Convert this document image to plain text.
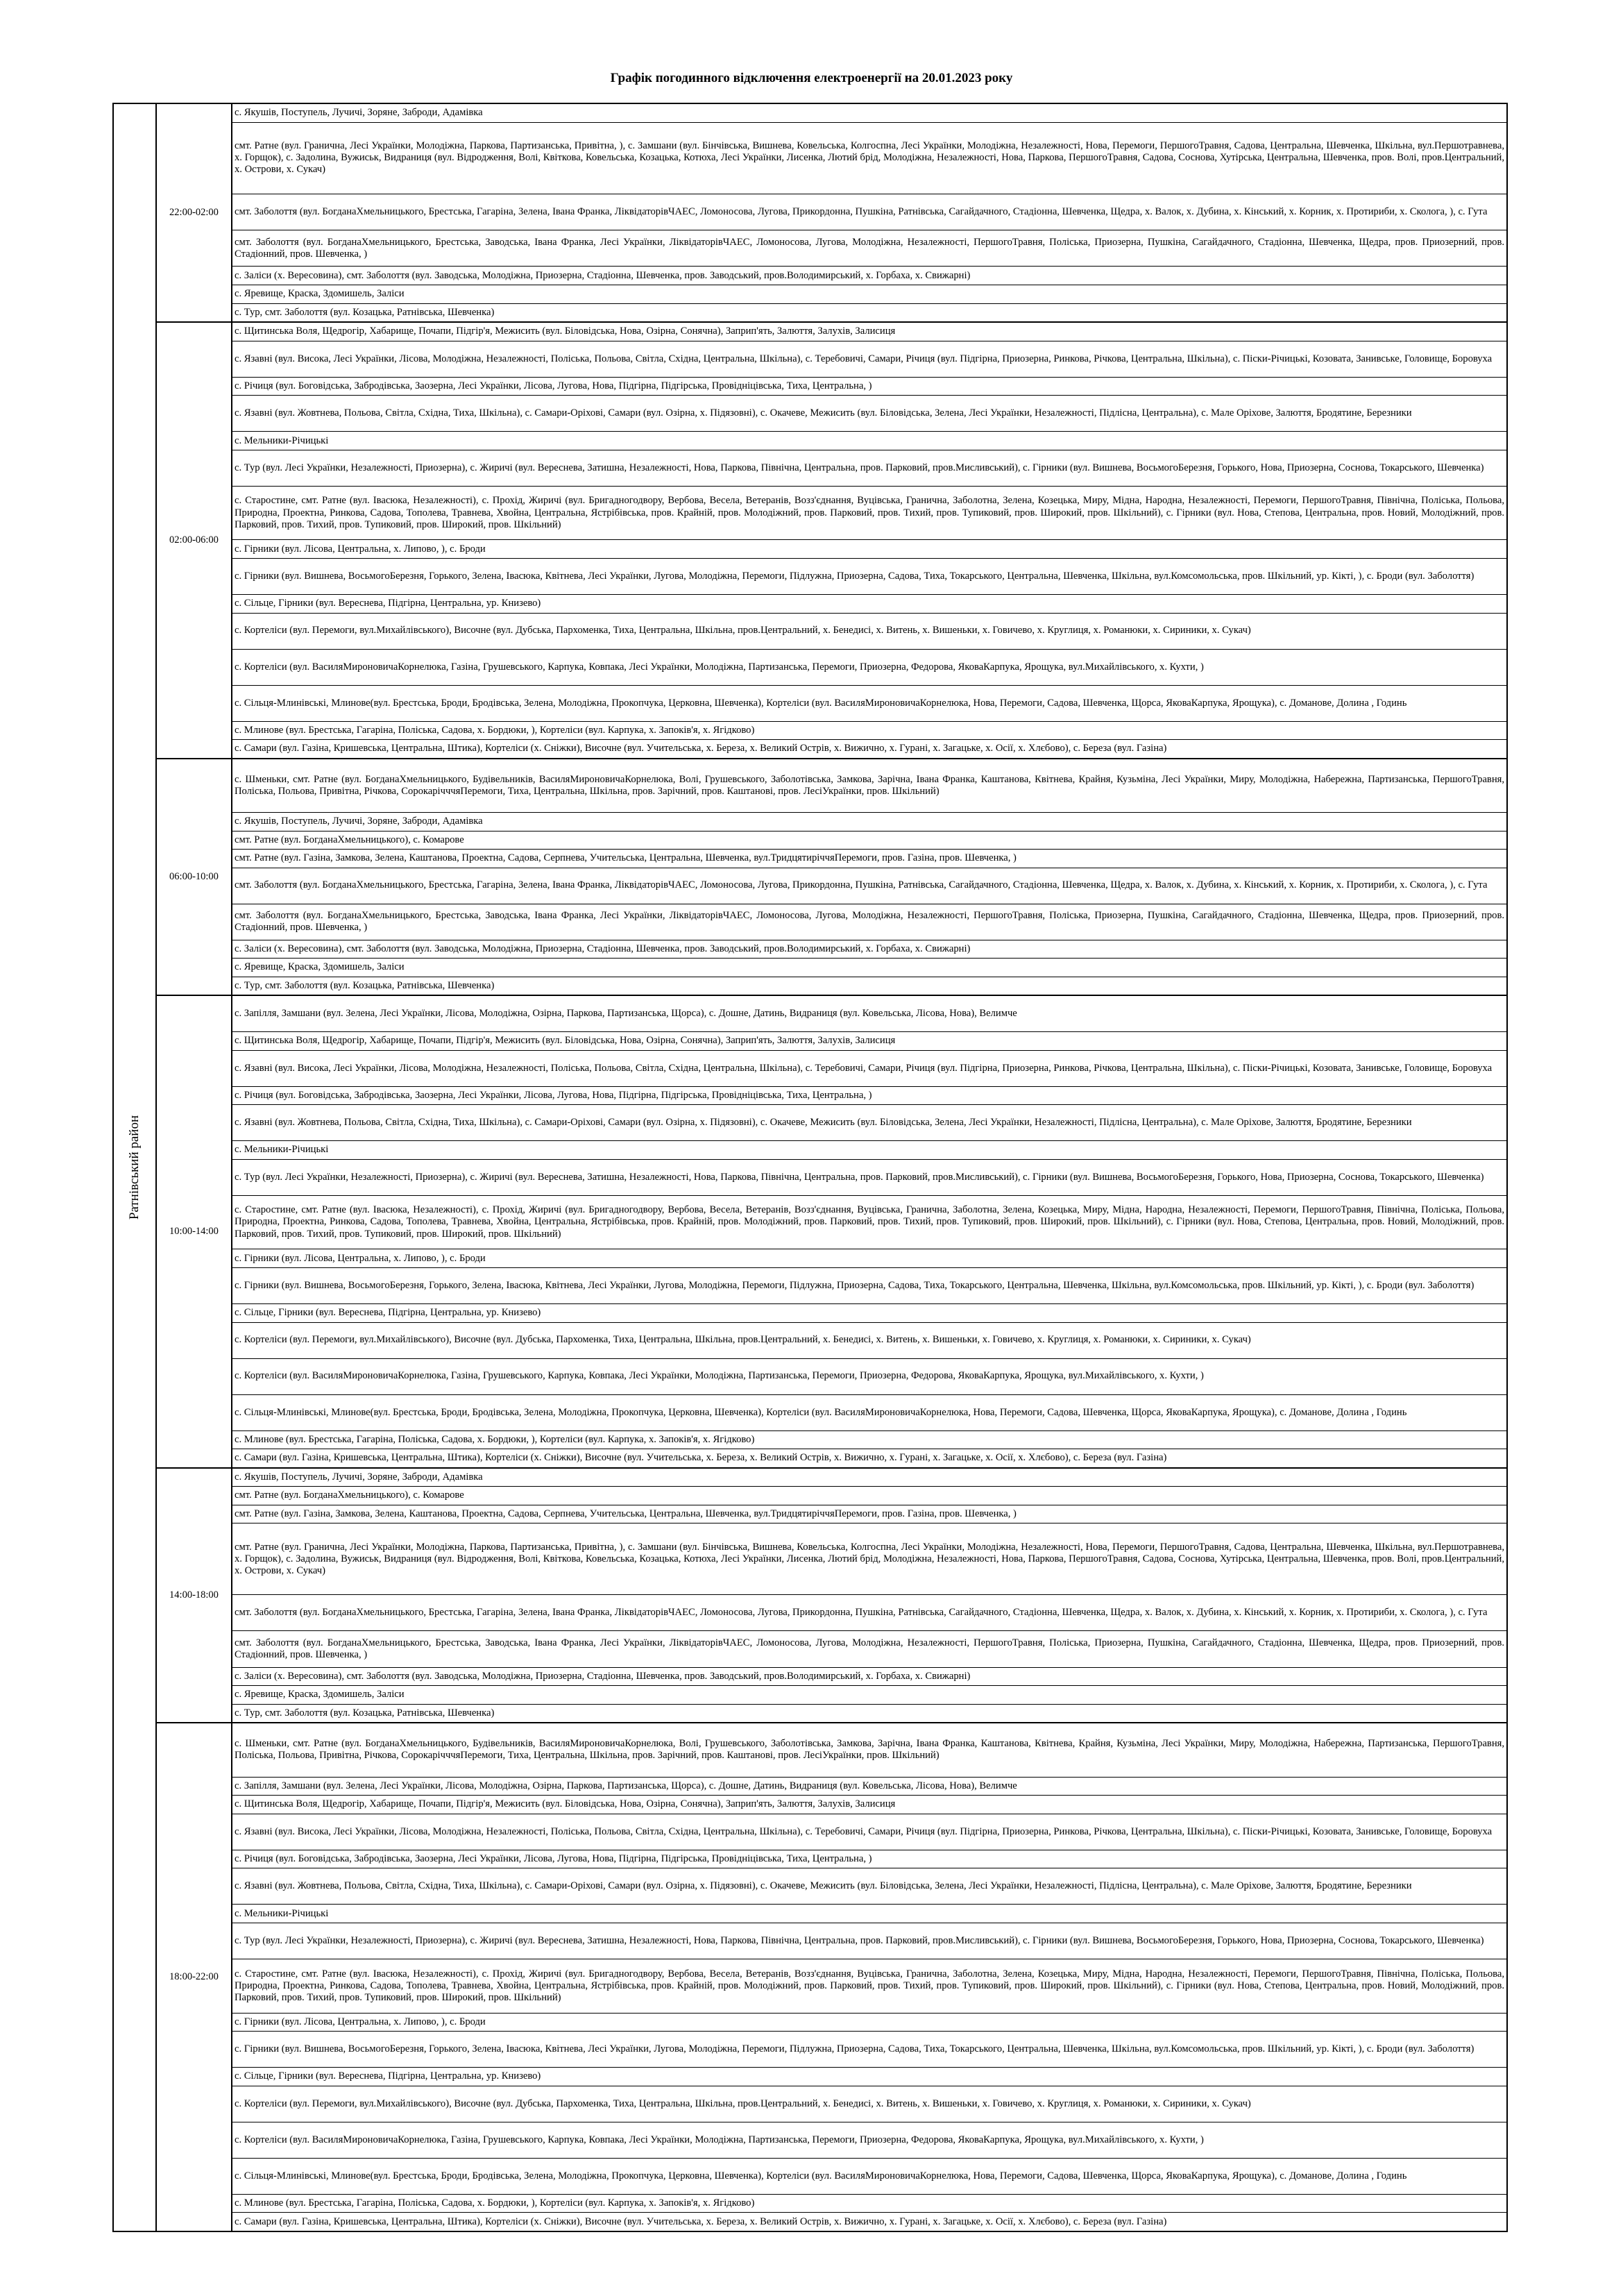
Графік погодинного відключення електроенергії на 20.01.2023 року
Ратнівський район
22:00-02:00
с. Якушів, Поступель, Лучичі, Зоряне, Заброди, Адамівка
смт. Ратне (вул. Гранична, Лесі Українки, Молодіжна, Паркова, Партизанська, Привітна, ), с. Замшани (вул. Бінчівська, Вишнева, Ковельська, Колгоспна, Лесі Українки, Молодіжна, Незалежності, Нова, Перемоги, ПершогоТравня, Садова, Центральна, Шевченка, Шкільна, вул.Першотравнева, х. Горщок), с. Задолина, Вужиськ, Видраниця (вул. Відродження, Волі, Квіткова, Ковельська, Козацька, Котюха, Лесі Українки, Лисенка, Лютий брід, Молодіжна, Незалежності, Нова, Паркова, ПершогоТравня, Садова, Соснова, Хутірська, Центральна, Шевченка, пров. Волі, пров.Центральний, х. Острови, х. Сукач)
смт. Заболоття (вул. БогданаХмельницького, Брестська, Гагаріна, Зелена, Івана Франка, ЛіквідаторівЧАЕС, Ломоносова, Лугова, Прикордонна, Пушкіна, Ратнівська, Сагайдачного, Стадіонна, Шевченка, Щедра, х. Валок, х. Дубина, х. Кінський, х. Корник, х. Протириби, х. Сколога, ), с. Гута
смт. Заболоття (вул. БогданаХмельницького, Брестська, Заводська, Івана Франка, Лесі Українки, ЛіквідаторівЧАЕС, Ломоносова, Лугова, Молодіжна, Незалежності, ПершогоТравня, Поліська, Приозерна, Пушкіна, Сагайдачного, Стадіонна, Шевченка, Щедра, пров. Приозерний, пров. Стадіонний, пров. Шевченка, )
с. Заліси (х. Вересовина), смт. Заболоття (вул. Заводська, Молодіжна, Приозерна, Стадіонна, Шевченка, пров. Заводський, пров.Володимирський, х. Горбаха, х. Свижарні)
с. Яревище, Краска, Здомишель, Заліси
с. Тур, смт. Заболоття (вул. Козацька, Ратнівська, Шевченка)
02:00-06:00
с. Щитинська Воля, Щедрогір, Хабарище, Почапи, Підгір'я, Межисить (вул. Біловідська, Нова, Озірна, Сонячна), Заприп'ять, Залюття, Залухів, Залисиця
с. Язавні (вул. Висока, Лесі Українки, Лісова, Молодіжна, Незалежності, Поліська, Польова, Світла, Східна, Центральна, Шкільна), с. Теребовичі, Самари, Річиця (вул. Підгірна, Приозерна, Ринкова, Річкова, Центральна, Шкільна), с. Піски-Річицькі, Козовата, Занивське, Головище, Боровуха
с. Річиця (вул. Боговідська, Забродівська, Заозерна, Лесі Українки, Лісова, Лугова, Нова, Підгірна, Підгірська, Провідніцівська, Тиха, Центральна, )
с. Язавні (вул. Жовтнева, Польова, Світла, Східна, Тиха, Шкільна), с. Самари-Оріхові, Самари (вул. Озірна, х. Підязовні), с. Окачеве, Межисить (вул. Біловідська, Зелена, Лесі Українки, Незалежності, Підлісна, Центральна), с. Мале Оріхове, Залюття, Бродятине, Березники
с. Мельники-Річицькі
с. Тур (вул. Лесі Українки, Незалежності, Приозерна), с. Жиричі (вул. Вереснева, Затишна, Незалежності, Нова, Паркова, Північна, Центральна, пров. Парковий, пров.Мисливський), с. Гірники (вул. Вишнева, ВосьмогоБерезня, Горького, Нова, Приозерна, Соснова, Токарського, Шевченка)
с. Старостине, смт. Ратне (вул. Івасюка, Незалежності), с. Прохід, Жиричі (вул. Бригадногодвору, Вербова, Весела, Ветеранів, Возз'єднання, Вуцівська, Гранична, Заболотна, Зелена, Козецька, Миру, Мідна, Народна, Незалежності, Перемоги, ПершогоТравня, Північна, Поліська, Польова, Природна, Проектна, Ринкова, Садова, Тополева, Травнева, Хвойна, Центральна, Ястрібівська, пров. Крайній, пров. Молодіжний, пров. Парковий, пров. Тихий, пров. Тупиковий, пров. Широкий, пров. Шкільний), с. Гірники (вул. Нова, Степова, Центральна, пров. Новий, Молодіжний, пров. Парковий, пров. Тихий, пров. Тупиковий, пров. Широкий, пров. Шкільний)
с. Гірники (вул. Лісова, Центральна, х. Липово, ), с. Броди
с. Гірники (вул. Вишнева, ВосьмогоБерезня, Горького, Зелена, Івасюка, Квітнева, Лесі Українки, Лугова, Молодіжна, Перемоги, Підлужна, Приозерна, Садова, Тиха, Токарського, Центральна, Шевченка, Шкільна, вул.Комсомольська, пров. Шкільний, ур. Кікті, ), с. Броди (вул. Заболоття)
с. Сільце, Гірники (вул. Вереснева, Підгірна, Центральна, ур. Книзево)
с. Кортеліси (вул. Перемоги, вул.Михайлівського), Височне (вул. Дубська, Пархоменка, Тиха, Центральна, Шкільна, пров.Центральний, х. Бенедисі, х. Витень, х. Вишеньки, х. Говичево, х. Круглиця, х. Романюки, х. Сириники, х. Сукач)
с. Кортеліси (вул. ВасиляМироновичаКорнелюка, Газіна, Грушевського, Карпука, Ковпака, Лесі Українки, Молодіжна, Партизанська, Перемоги, Приозерна, Федорова, ЯковаКарпука, Ярощука, вул.Михайлівського, х. Кухти, )
с. Сільця-Млинівські, Млинове(вул. Брестська, Броди, Бродівська, Зелена, Молодіжна, Прокопчука, Церковна, Шевченка), Кортеліси (вул. ВасиляМироновичаКорнелюка, Нова, Перемоги, Садова, Шевченка, Щорса, ЯковаКарпука, Ярощука), с. Доманове, Долина , Годинь
с. Млинове (вул. Брестська, Гагаріна, Поліська, Садова, х. Бордюки, ), Кортеліси (вул. Карпука, х. Запоків'я, х. Ягідково)
с. Самари (вул. Газіна, Кришевська, Центральна, Штика), Кортеліси (х. Сніжки), Височне (вул. Учительська, х. Береза, х. Великий Острів, х. Вижично, х. Гурані, х. Загацьке, х. Осії, х. Хлєбово), с. Береза (вул. Газіна)
06:00-10:00
с. Шменьки, смт. Ратне (вул. БогданаХмельницького, Будівельників, ВасиляМироновичаКорнелюка, Волі, Грушевського, Заболотівська, Замкова, Зарічна, Івана Франка, Каштанова, Квітнева, Крайня, Кузьміна, Лесі Українки, Миру, Молодіжна, Набережна, Партизанська, ПершогоТравня, Поліська, Польова, Привітна, Річкова, СорокарічччяПеремоги, Тиха, Центральна, Шкільна, пров. Зарічний, пров. Каштанові, пров. ЛесіУкраїнки, пров. Шкільний)
с. Якушів, Поступель, Лучичі, Зоряне, Заброди, Адамівка
смт. Ратне (вул. БогданаХмельницького), с. Комарове
смт. Ратне (вул. Газіна, Замкова, Зелена, Каштанова, Проектна, Садова, Серпнева, Учительська, Центральна, Шевченка, вул.ТридцятиріччяПеремоги, пров. Газіна, пров. Шевченка, )
смт. Заболоття (вул. БогданаХмельницького, Брестська, Гагаріна, Зелена, Івана Франка, ЛіквідаторівЧАЕС, Ломоносова, Лугова, Прикордонна, Пушкіна, Ратнівська, Сагайдачного, Стадіонна, Шевченка, Щедра, х. Валок, х. Дубина, х. Кінський, х. Корник, х. Протириби, х. Скологa, ), с. Гута
смт. Заболоття (вул. БогданаХмельницького, Брестська, Заводська, Івана Франка, Лесі Українки, ЛіквідаторівЧАЕС, Ломоносова, Лугова, Молодіжна, Незалежності, ПершогоТравня, Поліська, Приозерна, Пушкіна, Сагайдачного, Стадіонна, Шевченка, Щедра, пров. Приозерний, пров. Стадіонний, пров. Шевченка, )
с. Заліси (х. Вересовина), смт. Заболоття (вул. Заводська, Молодіжна, Приозерна, Стадіонна, Шевченка, пров. Заводський, пров.Володимирський, х. Горбаха, х. Свижарні)
с. Яревище, Краска, Здомишель, Заліси
с. Тур, смт. Заболоття (вул. Козацька, Ратнівська, Шевченка)
10:00-14:00
с. Запілля, Замшани (вул. Зелена, Лесі Українки, Лісова, Молодіжна, Озірна, Паркова, Партизанська, Щорса), с. Дошне, Датинь, Видраниця (вул. Ковельська, Лісова, Нова), Велимче
с. Щитинська Воля, Щедрогір, Хабарище, Почапи, Підгір'я, Межисить (вул. Біловідська, Нова, Озірна, Сонячна), Заприп'ять, Залюття, Залухів, Залисиця
с. Язавні (вул. Висока, Лесі Українки, Лісова, Молодіжна, Незалежності, Поліська, Польова, Світла, Східна, Центральна, Шкільна), с. Теребовичі, Самари, Річиця (вул. Підгірна, Приозерна, Ринкова, Річкова, Центральна, Шкільна), с. Піски-Річицькі, Козовата, Занивське, Головище, Боровуха
с. Річиця (вул. Боговідська, Забродівська, Заозерна, Лесі Українки, Лісова, Лугова, Нова, Підгірна, Підгірська, Провідніцівська, Тиха, Центральна, )
с. Язавні (вул. Жовтнева, Польова, Світла, Східна, Тиха, Шкільна), с. Самари-Оріхові, Самари (вул. Озірна, х. Підязовні), с. Окачеве, Межисить (вул. Біловідська, Зелена, Лесі Українки, Незалежності, Підлісна, Центральна), с. Мале Оріхове, Залюття, Бродятине, Березники
с. Мельники-Річицькі
с. Тур (вул. Лесі Українки, Незалежності, Приозерна), с. Жиричі (вул. Вереснева, Затишна, Незалежності, Нова, Паркова, Північна, Центральна, пров. Парковий, пров.Мисливський), с. Гірники (вул. Вишнева, ВосьмогоБерезня, Горького, Нова, Приозерна, Соснова, Токарського, Шевченка)
с. Старостине, смт. Ратне (вул. Івасюка, Незалежності), с. Прохід, Жиричі (вул. Бригадногодвору, Вербова, Весела, Ветеранів, Возз'єднання, Вуцівська, Гранична, Заболотна, Зелена, Козецька, Миру, Мідна, Народна, Незалежності, Перемоги, ПершогоТравня, Північна, Поліська, Польова, Природна, Проектна, Ринкова, Садова, Тополева, Травнева, Хвойна, Центральна, Ястрібівська, пров. Крайній, пров. Молодіжний, пров. Парковий, пров. Тихий, пров. Тупиковий, пров. Широкий, пров. Шкільний), с. Гірники (вул. Нова, Степова, Центральна, пров. Новий, Молодіжний, пров. Парковий, пров. Тихий, пров. Тупиковий, пров. Широкий, пров. Шкільний)
с. Гірники (вул. Лісова, Центральна, х. Липово, ), с. Броди
с. Гірники (вул. Вишнева, ВосьмогоБерезня, Горького, Зелена, Івасюка, Квітнева, Лесі Українки, Лугова, Молодіжна, Перемоги, Підлужна, Приозерна, Садова, Тиха, Токарського, Центральна, Шевченка, Шкільна, вул.Комсомольська, пров. Шкільний, ур. Кікті, ), с. Броди (вул. Заболоття)
с. Сільце, Гірники (вул. Вереснева, Підгірна, Центральна, ур. Книзево)
с. Кортеліси (вул. Перемоги, вул.Михайлівського), Височне (вул. Дубська, Пархоменка, Тиха, Центральна, Шкільна, пров.Центральний, х. Бенедисі, х. Витень, х. Вишеньки, х. Говичево, х. Круглиця, х. Романюки, х. Сириники, х. Сукач)
с. Кортеліси (вул. ВасиляМироновичаКорнелюка, Газіна, Грушевського, Карпука, Ковпака, Лесі Українки, Молодіжна, Партизанська, Перемоги, Приозерна, Федорова, ЯковаКарпука, Ярощука, вул.Михайлівського, х. Кухти, )
с. Сільця-Млинівські, Млинове(вул. Брестська, Броди, Бродівська, Зелена, Молодіжна, Прокопчука, Церковна, Шевченка), Кортеліси (вул. ВасиляМироновичаКорнелюка, Нова, Перемоги, Садова, Шевченка, Щорса, ЯковаКарпука, Ярощука), с. Доманове, Долина , Годинь
с. Млинове (вул. Брестська, Гагаріна, Поліська, Садова, х. Бордюки, ), Кортеліси (вул. Карпука, х. Запоків'я, х. Ягідково)
с. Самари (вул. Газіна, Кришевська, Центральна, Штика), Кортеліси (х. Сніжки), Височне (вул. Учительська, х. Береза, х. Великий Острів, х. Вижично, х. Гурані, х. Загацьке, х. Осії, х. Хлєбово), с. Береза (вул. Газіна)
14:00-18:00
с. Якушів, Поступель, Лучичі, Зоряне, Заброди, Адамівка
смт. Ратне (вул. БогданаХмельницького), с. Комарове
смт. Ратне (вул. Газіна, Замкова, Зелена, Каштанова, Проектна, Садова, Серпнева, Учительська, Центральна, Шевченка, вул.ТридцятиріччяПеремоги, пров. Газіна, пров. Шевченка, )
смт. Ратне (вул. Гранична, Лесі Українки, Молодіжна, Паркова, Партизанська, Привітна, ), с. Замшани (вул. Бінчівська, Вишнева, Ковельська, Колгоспна, Лесі Українки, Молодіжна, Незалежності, Нова, Перемоги, ПершогоТравня, Садова, Центральна, Шевченка, Шкільна, вул.Першотравнева, х. Горщок), с. Задолина, Вужиськ, Видраниця (вул. Відродження, Волі, Квіткова, Ковельська, Козацька, Котюха, Лесі Українки, Лисенка, Лютий брід, Молодіжна, Незалежності, Нова, Паркова, ПершогоТравня, Садова, Соснова, Хутірська, Центральна, Шевченка, пров. Волі, пров.Центральний, х. Острови, х. Сукач)
смт. Заболоття (вул. БогданаХмельницького, Брестська, Гагаріна, Зелена, Івана Франка, ЛіквідаторівЧАЕС, Ломоносова, Лугова, Прикордонна, Пушкіна, Ратнівська, Сагайдачного, Стадіонна, Шевченка, Щедра, х. Валок, х. Дубина, х. Кінський, х. Корник, х. Протириби, х. Скологa, ), с. Гута
смт. Заболоття (вул. БогданаХмельницького, Брестська, Заводська, Івана Франка, Лесі Українки, ЛіквідаторівЧАЕС, Ломоносова, Лугова, Молодіжна, Незалежності, ПершогоТравня, Поліська, Приозерна, Пушкіна, Сагайдачного, Стадіонна, Шевченка, Щедра, пров. Приозерний, пров. Стадіонний, пров. Шевченка, )
с. Заліси (х. Вересовина), смт. Заболоття (вул. Заводська, Молодіжна, Приозерна, Стадіонна, Шевченка, пров. Заводський, пров.Володимирський, х. Горбаха, х. Свижарні)
с. Яревище, Краска, Здомишель, Заліси
с. Тур, смт. Заболоття (вул. Козацька, Ратнівська, Шевченка)
18:00-22:00
с. Шменьки, смт. Ратне (вул. БогданаХмельницького, Будівельників, ВасиляМироновичаКорнелюка, Волі, Грушевського, Заболотівська, Замкова, Зарічна, Івана Франка, Каштанова, Квітнева, Крайня, Кузьміна, Лесі Українки, Миру, Молодіжна, Набережна, Партизанська, ПершогоТравня, Поліська, Польова, Привітна, Річкова, СорокарічччяПеремоги, Тиха, Центральна, Шкільна, пров. Зарічний, пров. Каштанові, пров. ЛесіУкраїнки, пров. Шкільний)
с. Запілля, Замшани (вул. Зелена, Лесі Українки, Лісова, Молодіжна, Озірна, Паркова, Партизанська, Щорса), с. Дошне, Датинь, Видраниця (вул. Ковельська, Лісова, Нова), Велимче
с. Щитинська Воля, Щедрогір, Хабарище, Почапи, Підгір'я, Межисить (вул. Біловідська, Нова, Озірна, Сонячна), Заприп'ять, Залюття, Залухів, Залисиця
с. Язавні (вул. Висока, Лесі Українки, Лісова, Молодіжна, Незалежності, Поліська, Польова, Світла, Східна, Центральна, Шкільна), с. Теребовичі, Самари, Річиця (вул. Підгірна, Приозерна, Ринкова, Річкова, Центральна, Шкільна), с. Піски-Річицькі, Козовата, Занивське, Головище, Боровуха
с. Річиця (вул. Боговідська, Забродівська, Заозерна, Лесі Українки, Лісова, Лугова, Нова, Підгірна, Підгірська, Провідніцівська, Тиха, Центральна, )
с. Язавні (вул. Жовтнева, Польова, Світла, Східна, Тиха, Шкільна), с. Самари-Оріхові, Самари (вул. Озірна, х. Підязовні), с. Окачеве, Межисить (вул. Біловідська, Зелена, Лесі Українки, Незалежності, Підлісна, Центральна), с. Мале Оріхове, Залюття, Бродятине, Березники
с. Мельники-Річицькі
с. Тур (вул. Лесі Українки, Незалежності, Приозерна), с. Жиричі (вул. Вереснева, Затишна, Незалежності, Нова, Паркова, Північна, Центральна, пров. Парковий, пров.Мисливський), с. Гірники (вул. Вишнева, ВосьмогоБерезня, Горького, Нова, Приозерна, Соснова, Токарського, Шевченка)
с. Старостине, смт. Ратне (вул. Івасюка, Незалежності), с. Прохід, Жиричі (вул. Бригадногодвору, Вербова, Весела, Ветеранів, Возз'єднання, Вуцівська, Гранична, Заболотна, Зелена, Козецька, Миру, Мідна, Народна, Незалежності, Перемоги, ПершогоТравня, Північна, Поліська, Польова, Природна, Проектна, Ринкова, Садова, Тополева, Травнева, Хвойна, Центральна, Ястрібівська, пров. Крайній, пров. Молодіжний, пров. Парковий, пров. Тихий, пров. Тупиковий, пров. Широкий, пров. Шкільний), с. Гірники (вул. Нова, Степова, Центральна, пров. Новий, Молодіжний, пров. Парковий, пров. Тихий, пров. Тупиковий, пров. Широкий, пров. Шкільний)
с. Гірники (вул. Лісова, Центральна, х. Липово, ), с. Броди
с. Гірники (вул. Вишнева, ВосьмогоБерезня, Горького, Зелена, Івасюка, Квітнева, Лесі Українки, Лугова, Молодіжна, Перемоги, Підлужна, Приозерна, Садова, Тиха, Токарського, Центральна, Шевченка, Шкільна, вул.Комсомольська, пров. Шкільний, ур. Кікті, ), с. Броди (вул. Заболоття)
с. Сільце, Гірники (вул. Вереснева, Підгірна, Центральна, ур. Книзево)
с. Кортеліси (вул. Перемоги, вул.Михайлівського), Височне (вул. Дубська, Пархоменка, Тиха, Центральна, Шкільна, пров.Центральний, х. Бенедисі, х. Витень, х. Вишеньки, х. Говичево, х. Круглиця, х. Романюки, х. Сириники, х. Сукач)
с. Кортеліси (вул. ВасиляМироновичаКорнелюка, Газіна, Грушевського, Карпука, Ковпака, Лесі Українки, Молодіжна, Партизанська, Перемоги, Приозерна, Федорова, ЯковаКарпука, Ярощука, вул.Михайлівського, х. Кухти, )
с. Сільця-Млинівські, Млинове(вул. Брестська, Броди, Бродівська, Зелена, Молодіжна, Прокопчука, Церковна, Шевченка), Кортеліси (вул. ВасиляМироновичаКорнелюка, Нова, Перемоги, Садова, Шевченка, Щорса, ЯковаКарпука, Ярощука), с. Доманове, Долина , Годинь
с. Млинове (вул. Брестська, Гагаріна, Поліська, Садова, х. Бордюки, ), Кортеліси (вул. Карпука, х. Запоків'я, х. Ягідково)
с. Самари (вул. Газіна, Кришевська, Центральна, Штика), Кортеліси (х. Сніжки), Височне (вул. Учительська, х. Береза, х. Великий Острів, х. Вижично, х. Гурані, х. Загацьке, х. Осії, х. Хлєбово), с. Береза (вул. Газіна)
